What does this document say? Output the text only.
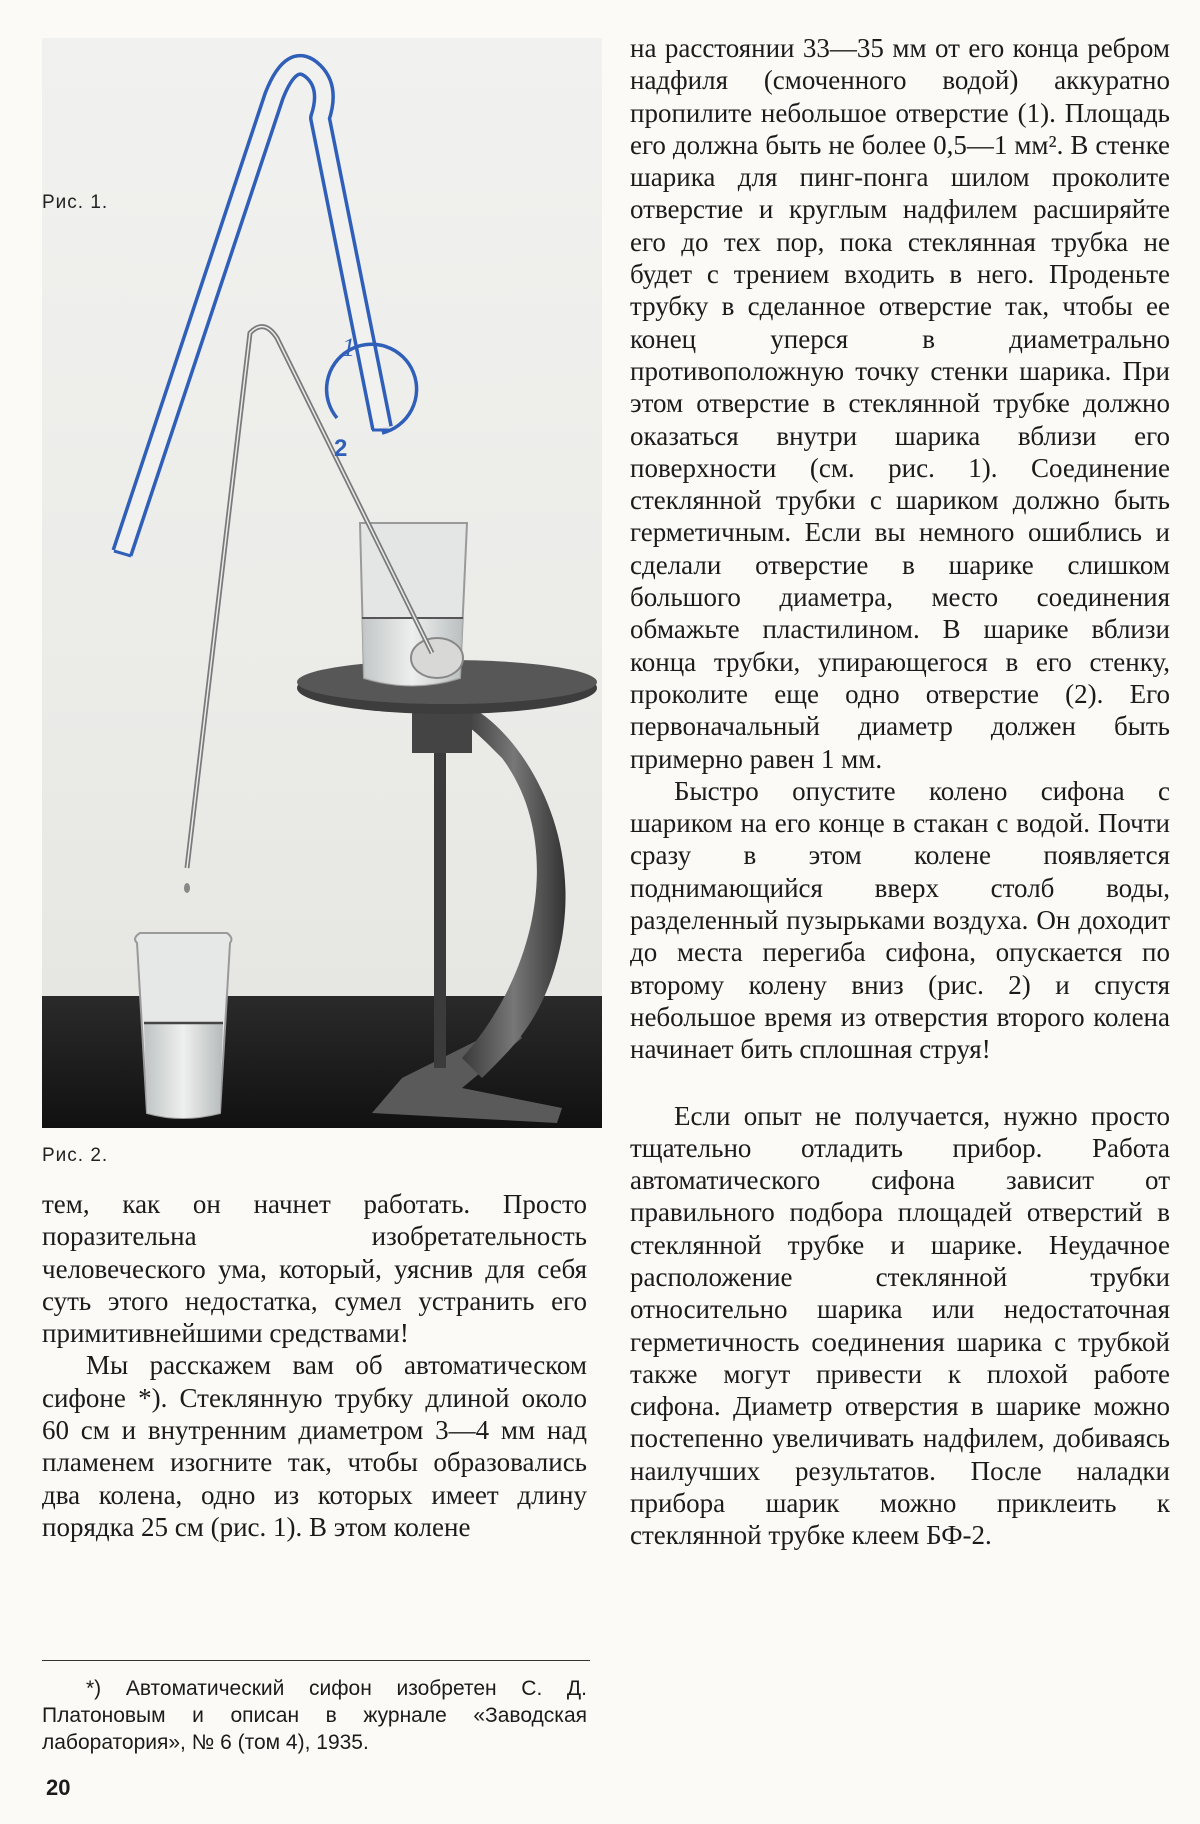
1
2
Рис. 1.
Рис. 2.

на расстоянии 33—35 мм от его конца ребром надфиля (смоченного водой) аккуратно пропилите небольшое отверстие (1). Площадь его должна быть не более 0,5—1 мм². В стенке шарика для пинг-понга шилом проколите отверстие и круглым надфилем расширяйте его до тех пор, пока стеклянная трубка не будет с трением входить в него. Проденьте трубку в сделанное отверстие так, чтобы ее конец уперся в диаметрально противоположную точку стенки шарика. При этом отверстие в стеклянной трубке должно оказаться внутри шарика вблизи его поверхности (см. рис. 1). Соединение стеклянной трубки с шариком должно быть герметичным. Если вы немного ошиблись и сделали отверстие в шарике слишком большого диаметра, место соединения обмажьте пластилином. В шарике вблизи конца трубки, упирающегося в его стенку, проколите еще одно отверстие (2). Его первоначальный диаметр должен быть примерно равен 1 мм.

Быстро опустите колено сифона с шариком на его конце в стакан с водой. Почти сразу в этом колене появляется поднимающийся вверх столб воды, разделенный пузырьками воздуха. Он доходит до места перегиба сифона, опускается по второму колену вниз (рис. 2) и спустя небольшое время из отверстия второго колена начинает бить сплошная струя!

Если опыт не получается, нужно просто тщательно отладить прибор. Работа автоматического сифона зависит от правильного подбора площадей отверстий в стеклянной трубке и шарике. Неудачное расположение стеклянной трубки относительно шарика или недостаточная герметичность соединения шарика с трубкой также могут привести к плохой работе сифона. Диаметр отверстия в шарике можно постепенно увеличивать надфилем, добиваясь наилучших результатов. После наладки прибора шарик можно приклеить к стеклянной трубке клеем БФ-2.

тем, как он начнет работать. Просто поразительна изобретательность человеческого ума, который, уяснив для себя суть этого недостатка, сумел устранить его примитивнейшими средствами!

Мы расскажем вам об автоматическом сифоне *). Стеклянную трубку длиной около 60 см и внутренним диаметром 3—4 мм над пламенем изогните так, чтобы образовались два колена, одно из которых имеет длину порядка 25 см (рис. 1). В этом колене

*) Автоматический сифон изобретен С. Д. Платоновым и описан в журнале «Заводская лаборатория», № 6 (том 4), 1935.

20
